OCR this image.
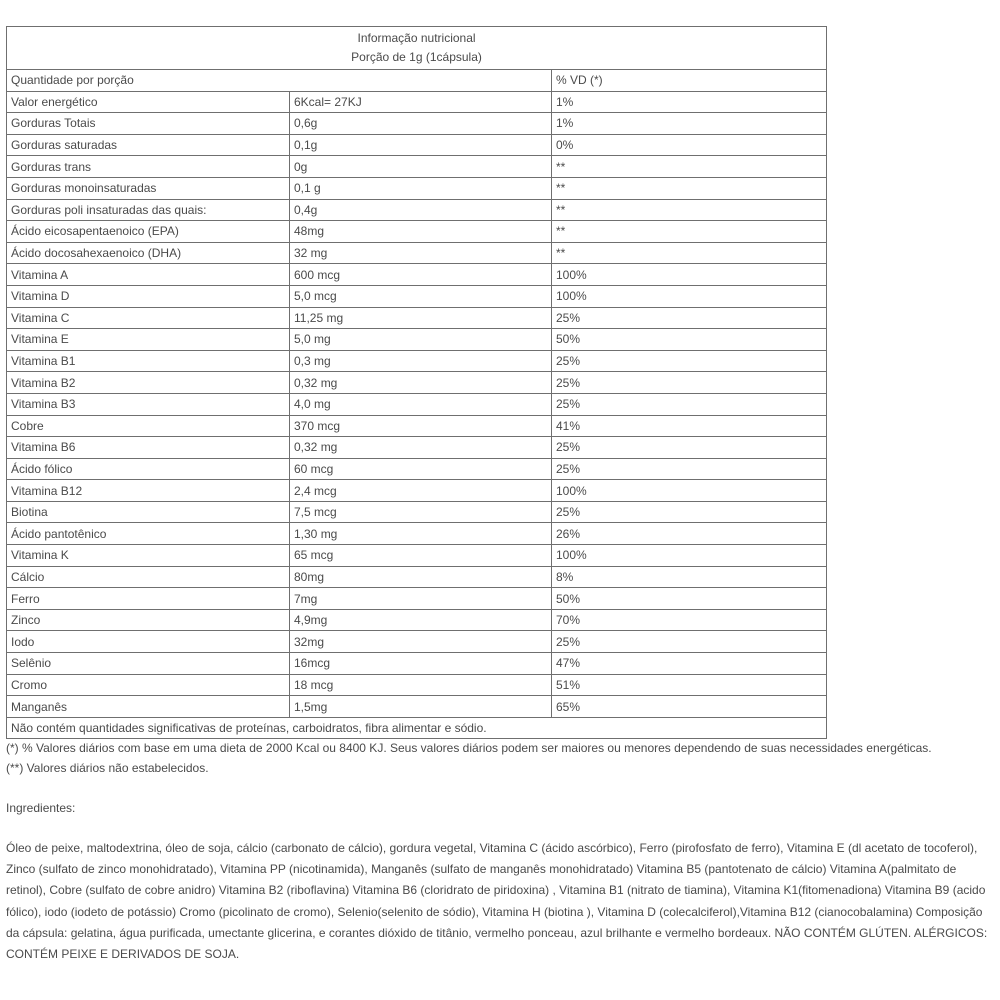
Informação nutricional
Porção de 1g (1cápsula)		

Quantidade por porção		% VD (*)
Valor energético	6Kcal= 27KJ	1%
Gorduras Totais	0,6g	1%
Gorduras saturadas	0,1g	0%
Gorduras trans	0g	**
Gorduras monoinsaturadas	0,1 g	**
Gorduras poli insaturadas das quais:	0,4g	**
Ácido eicosapentaenoico (EPA)	48mg	**
Ácido docosahexaenoico (DHA)	32 mg	**
Vitamina A	600 mcg	100%
Vitamina D	5,0 mcg	100%
Vitamina C	11,25 mg	25%
Vitamina E	5,0 mg	50%
Vitamina B1	0,3 mg	25%
Vitamina B2	0,32 mg	25%
Vitamina B3	4,0 mg	25%
Cobre	370 mcg	41%
Vitamina B6	0,32 mg	25%
Ácido fólico	60 mcg	25%
Vitamina B12	2,4 mcg	100%
Biotina	7,5 mcg	25%
Ácido pantotênico	1,30 mg	26%
Vitamina K	65 mcg	100%
Cálcio	80mg	8%
Ferro	7mg	50%
Zinco	4,9mg	70%
Iodo	32mg	25%
Selênio	16mcg	47%
Cromo	18 mcg	51%
Manganês	1,5mg	65%
Não contém quantidades significativas de proteínas, carboidratos, fibra alimentar e sódio.		
(*) % Valores diários com base em uma dieta de 2000 Kcal ou 8400 KJ. Seus valores diários podem ser maiores ou menores dependendo de suas necessidades energéticas.
(**) Valores diários não estabelecidos.
Ingredientes:
Óleo de peixe, maltodextrina, óleo de soja, cálcio (carbonato de cálcio), gordura vegetal, Vitamina C (ácido ascórbico), Ferro (pirofosfato de ferro), Vitamina E (dl acetato de tocoferol), Zinco (sulfato de zinco monohidratado), Vitamina PP (nicotinamida), Manganês (sulfato de manganês monohidratado) Vitamina B5 (pantotenato de cálcio) Vitamina A(palmitato de retinol), Cobre (sulfato de cobre anidro) Vitamina B2 (riboflavina) Vitamina B6 (cloridrato de piridoxina) , Vitamina B1 (nitrato de tiamina), Vitamina K1(fitomenadiona) Vitamina B9 (acido fólico), iodo (iodeto de potássio) Cromo (picolinato de cromo), Selenio(selenito de sódio), Vitamina H (biotina ), Vitamina D (colecalciferol),Vitamina B12 (cianocobalamina) Composição da cápsula: gelatina, água purificada, umectante glicerina, e corantes dióxido de titânio, vermelho ponceau, azul brilhante e vermelho bordeaux. NÃO CONTÉM GLÚTEN. ALÉRGICOS: CONTÉM PEIXE E DERIVADOS DE SOJA.
